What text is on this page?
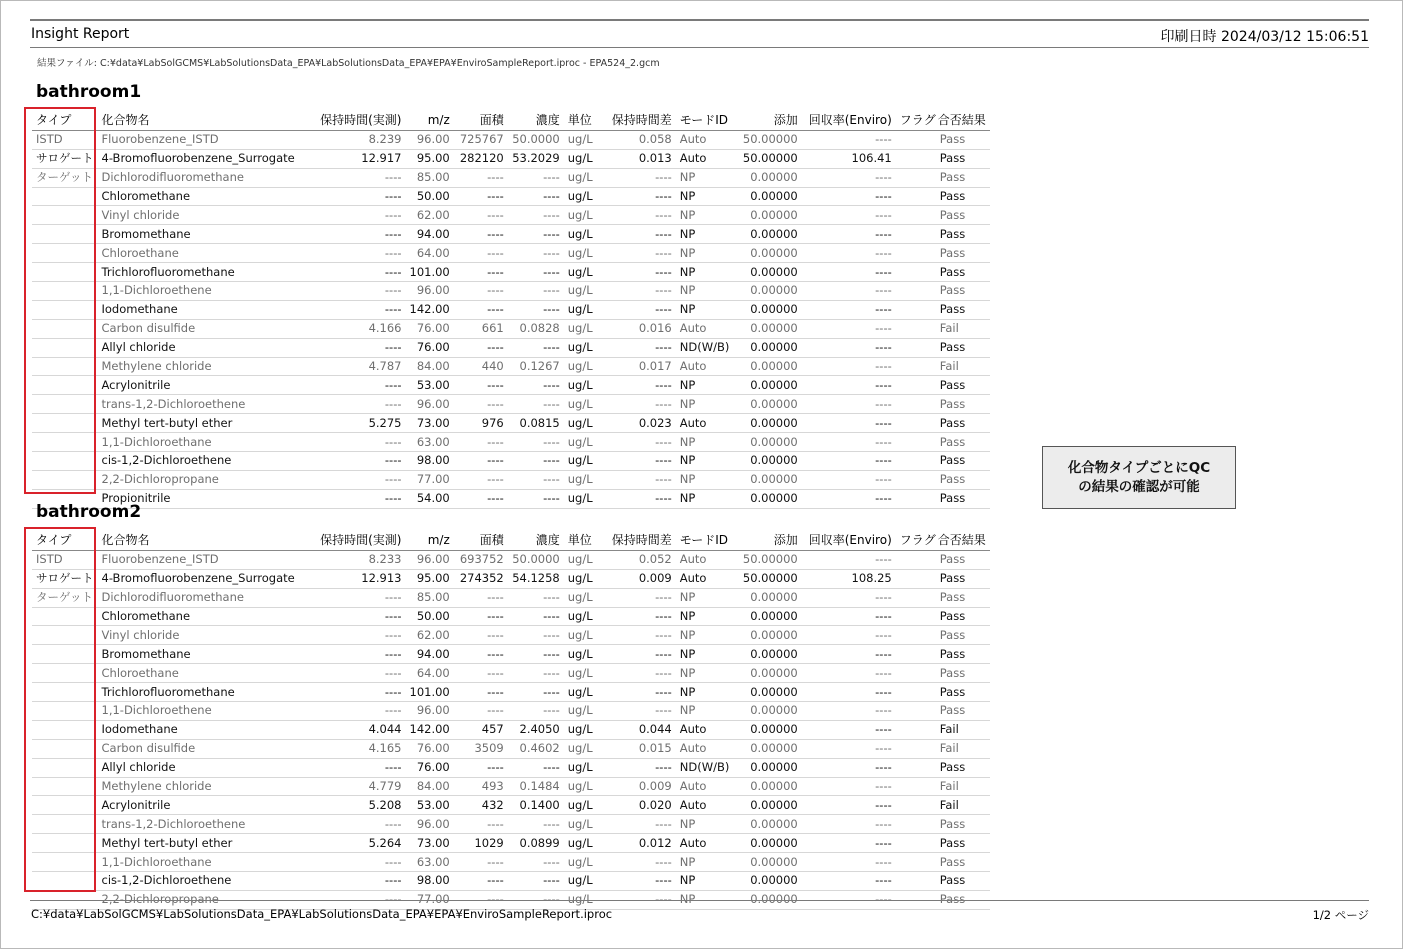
Insight Report	印刷日時 2024/03/12 15:06:51
結果ファイル: C:¥data¥LabSolGCMS¥LabSolutionsData_EPA¥LabSolutionsData_EPA¥EPA¥EnviroSampleReport.iproc - EPA524_2.gcm
bathroom1
タイプ	化合物名	保持時間(実測)	m/z	面積	濃度	単位	保持時間差	モードID	添加	回収率(Enviro)	フラグ	合否結果
ISTD	Fluorobenzene_ISTD	8.239	96.00	725767	50.0000	ug/L	0.058	Auto	50.00000	----		Pass
サロゲート	4-Bromofluorobenzene_Surrogate	12.917	95.00	282120	53.2029	ug/L	0.013	Auto	50.00000	106.41		Pass
ターゲット	Dichlorodifluoromethane	----	85.00	----	----	ug/L	----	NP	0.00000	----		Pass
	Chloromethane	----	50.00	----	----	ug/L	----	NP	0.00000	----		Pass
	Vinyl chloride	----	62.00	----	----	ug/L	----	NP	0.00000	----		Pass
	Bromomethane	----	94.00	----	----	ug/L	----	NP	0.00000	----		Pass
	Chloroethane	----	64.00	----	----	ug/L	----	NP	0.00000	----		Pass
	Trichlorofluoromethane	----	101.00	----	----	ug/L	----	NP	0.00000	----		Pass
	1,1-Dichloroethene	----	96.00	----	----	ug/L	----	NP	0.00000	----		Pass
	Iodomethane	----	142.00	----	----	ug/L	----	NP	0.00000	----		Pass
	Carbon disulfide	4.166	76.00	661	0.0828	ug/L	0.016	Auto	0.00000	----		Fail
	Allyl chloride	----	76.00	----	----	ug/L	----	ND(W/B)	0.00000	----		Pass
	Methylene chloride	4.787	84.00	440	0.1267	ug/L	0.017	Auto	0.00000	----		Fail
	Acrylonitrile	----	53.00	----	----	ug/L	----	NP	0.00000	----		Pass
	trans-1,2-Dichloroethene	----	96.00	----	----	ug/L	----	NP	0.00000	----		Pass
	Methyl tert-butyl ether	5.275	73.00	976	0.0815	ug/L	0.023	Auto	0.00000	----		Pass
	1,1-Dichloroethane	----	63.00	----	----	ug/L	----	NP	0.00000	----		Pass
	cis-1,2-Dichloroethene	----	98.00	----	----	ug/L	----	NP	0.00000	----		Pass
	2,2-Dichloropropane	----	77.00	----	----	ug/L	----	NP	0.00000	----		Pass
	Propionitrile	----	54.00	----	----	ug/L	----	NP	0.00000	----		Pass
bathroom2
タイプ	化合物名	保持時間(実測)	m/z	面積	濃度	単位	保持時間差	モードID	添加	回収率(Enviro)	フラグ	合否結果
ISTD	Fluorobenzene_ISTD	8.233	96.00	693752	50.0000	ug/L	0.052	Auto	50.00000	----		Pass
サロゲート	4-Bromofluorobenzene_Surrogate	12.913	95.00	274352	54.1258	ug/L	0.009	Auto	50.00000	108.25		Pass
ターゲット	Dichlorodifluoromethane	----	85.00	----	----	ug/L	----	NP	0.00000	----		Pass
	Chloromethane	----	50.00	----	----	ug/L	----	NP	0.00000	----		Pass
	Vinyl chloride	----	62.00	----	----	ug/L	----	NP	0.00000	----		Pass
	Bromomethane	----	94.00	----	----	ug/L	----	NP	0.00000	----		Pass
	Chloroethane	----	64.00	----	----	ug/L	----	NP	0.00000	----		Pass
	Trichlorofluoromethane	----	101.00	----	----	ug/L	----	NP	0.00000	----		Pass
	1,1-Dichloroethene	----	96.00	----	----	ug/L	----	NP	0.00000	----		Pass
	Iodomethane	4.044	142.00	457	2.4050	ug/L	0.044	Auto	0.00000	----		Fail
	Carbon disulfide	4.165	76.00	3509	0.4602	ug/L	0.015	Auto	0.00000	----		Fail
	Allyl chloride	----	76.00	----	----	ug/L	----	ND(W/B)	0.00000	----		Pass
	Methylene chloride	4.779	84.00	493	0.1484	ug/L	0.009	Auto	0.00000	----		Fail
	Acrylonitrile	5.208	53.00	432	0.1400	ug/L	0.020	Auto	0.00000	----		Fail
	trans-1,2-Dichloroethene	----	96.00	----	----	ug/L	----	NP	0.00000	----		Pass
	Methyl tert-butyl ether	5.264	73.00	1029	0.0899	ug/L	0.012	Auto	0.00000	----		Pass
	1,1-Dichloroethane	----	63.00	----	----	ug/L	----	NP	0.00000	----		Pass
	cis-1,2-Dichloroethene	----	98.00	----	----	ug/L	----	NP	0.00000	----		Pass
	2,2-Dichloropropane	----	77.00	----	----	ug/L	----	NP	0.00000	----		Pass
化合物タイプごとにQC
の結果の確認が可能
C:¥data¥LabSolGCMS¥LabSolutionsData_EPA¥LabSolutionsData_EPA¥EPA¥EnviroSampleReport.iproc	1/2 ページ
